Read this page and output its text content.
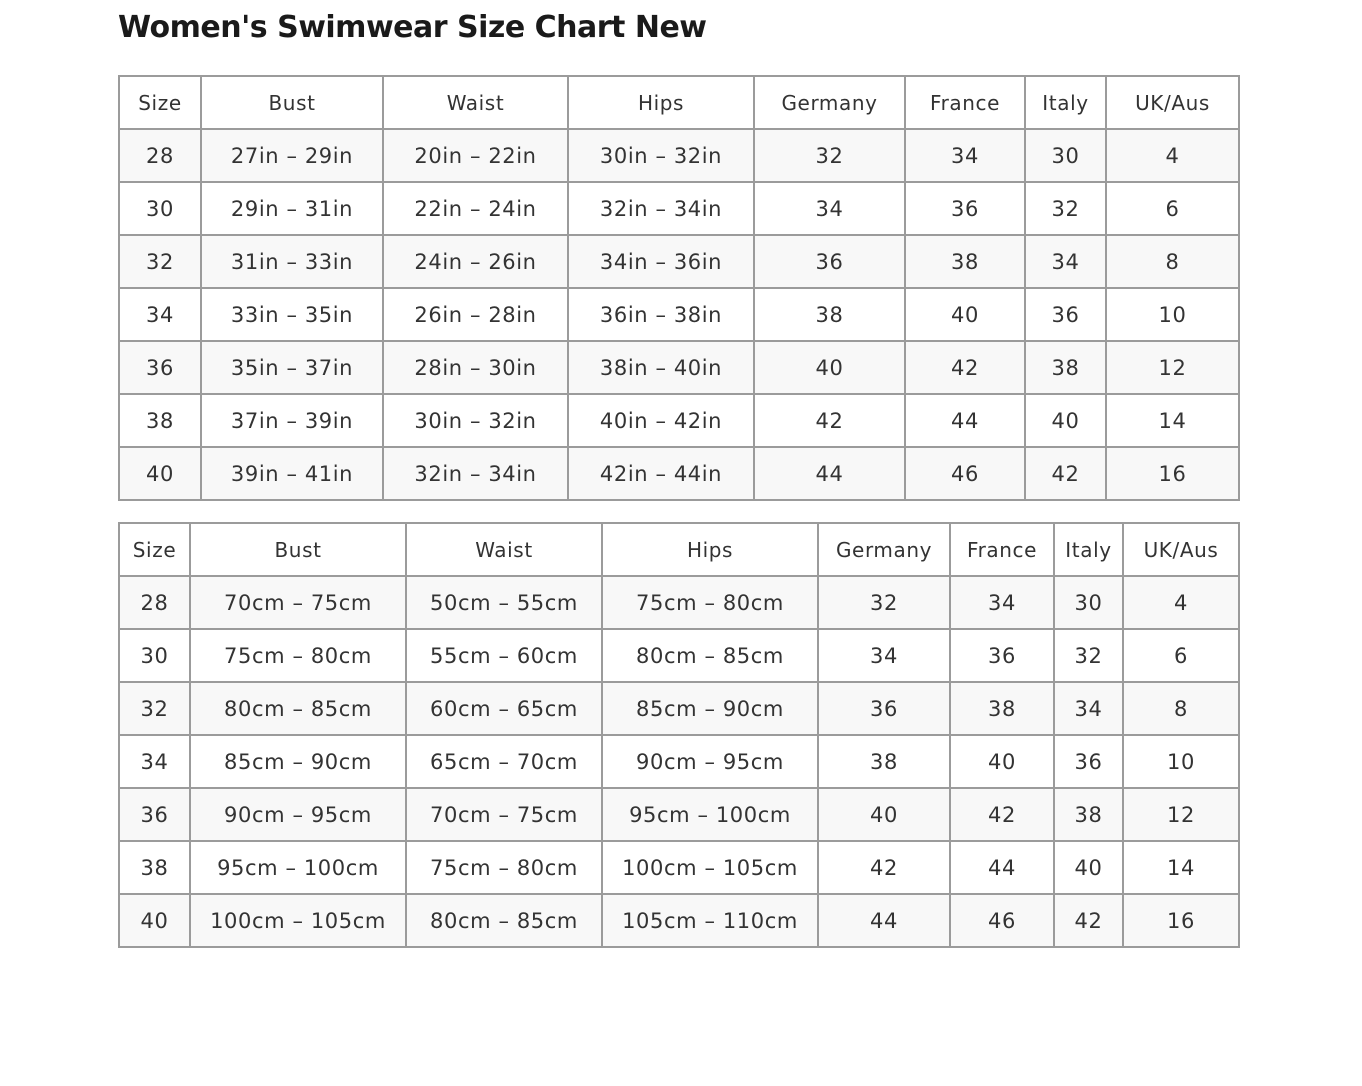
Women's Swimwear Size Chart New
Size	Bust	Waist	Hips	Germany	France	Italy	UK/Aus
28	27in – 29in	20in – 22in	30in – 32in	32	34	30	4
30	29in – 31in	22in – 24in	32in – 34in	34	36	32	6
32	31in – 33in	24in – 26in	34in – 36in	36	38	34	8
34	33in – 35in	26in – 28in	36in – 38in	38	40	36	10
36	35in – 37in	28in – 30in	38in – 40in	40	42	38	12
38	37in – 39in	30in – 32in	40in – 42in	42	44	40	14
40	39in – 41in	32in – 34in	42in – 44in	44	46	42	16
Size	Bust	Waist	Hips	Germany	France	Italy	UK/Aus
28	70cm – 75cm	50cm – 55cm	75cm – 80cm	32	34	30	4
30	75cm – 80cm	55cm – 60cm	80cm – 85cm	34	36	32	6
32	80cm – 85cm	60cm – 65cm	85cm – 90cm	36	38	34	8
34	85cm – 90cm	65cm – 70cm	90cm – 95cm	38	40	36	10
36	90cm – 95cm	70cm – 75cm	95cm – 100cm	40	42	38	12
38	95cm – 100cm	75cm – 80cm	100cm – 105cm	42	44	40	14
40	100cm – 105cm	80cm – 85cm	105cm – 110cm	44	46	42	16
